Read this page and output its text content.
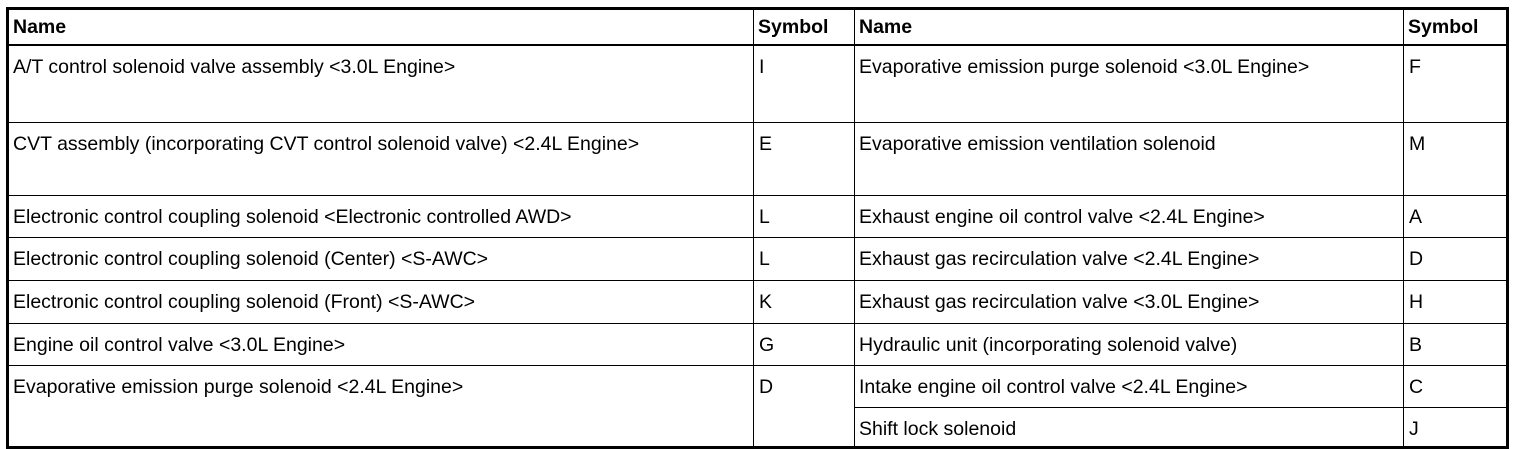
Name	Symbol	Name	Symbol
A/T control solenoid valve assembly <3.0L Engine>	I	Evaporative emission purge solenoid <3.0L Engine>	F
CVT assembly (incorporating CVT control solenoid valve) <2.4L Engine>	E	Evaporative emission ventilation solenoid	M
Electronic control coupling solenoid <Electronic controlled AWD>	L	Exhaust engine oil control valve <2.4L Engine>	A
Electronic control coupling solenoid (Center) <S-AWC>	L	Exhaust gas recirculation valve <2.4L Engine>	D
Electronic control coupling solenoid (Front) <S-AWC>	K	Exhaust gas recirculation valve <3.0L Engine>	H
Engine oil control valve <3.0L Engine>	G	Hydraulic unit (incorporating solenoid valve)	B
Evaporative emission purge solenoid <2.4L Engine>	D	Intake engine oil control valve <2.4L Engine>	C
		Shift lock solenoid	J
